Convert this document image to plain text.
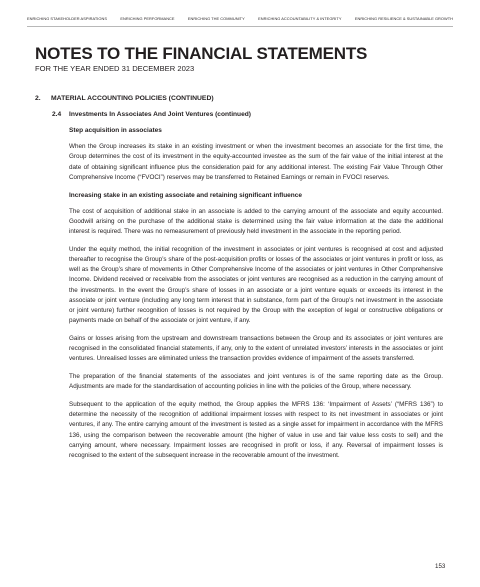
ENRICHING STAKEHOLDER ASPIRATIONS	ENRICHING PERFORMANCE	ENRICHING THE COMMUNITY	ENRICHING ACCOUNTABILITY & INTEGRITY	ENRICHING RESILIENCE & SUSTAINABLE GROWTH
NOTES TO THE FINANCIAL STATEMENTS
FOR THE YEAR ENDED 31 DECEMBER 2023
2. MATERIAL ACCOUNTING POLICIES (CONTINUED)
2.4 Investments In Associates And Joint Ventures (continued)
Step acquisition in associates

When the Group increases its stake in an existing investment or when the investment becomes an associate for the first time, the Group determines the cost of its investment in the equity-accounted investee as the sum of the fair value of the initial interest at the date of obtaining significant influence plus the consideration paid for any additional interest. The existing Fair Value Through Other Comprehensive Income (“FVOCI”) reserves may be transferred to Retained Earnings or remain in FVOCI reserves.

Increasing stake in an existing associate and retaining significant influence

The cost of acquisition of additional stake in an associate is added to the carrying amount of the associate and equity accounted. Goodwill arising on the purchase of the additional stake is determined using the fair value information at the date the additional interest is required. There was no remeasurement of previously held investment in the associate in the reporting period.

Under the equity method, the initial recognition of the investment in associates or joint ventures is recognised at cost and adjusted thereafter to recognise the Group’s share of the post-acquisition profits or losses of the associates or joint ventures in profit or loss, as well as the Group’s share of movements in Other Comprehensive Income of the associates or joint ventures in Other Comprehensive Income. Dividend received or receivable from the associates or joint ventures are recognised as a reduction in the carrying amount of the investments. In the event the Group’s share of losses in an associate or a joint venture equals or exceeds its interest in the associate or joint venture (including any long term interest that in substance, form part of the Group’s net investment in the associate or joint venture) further recognition of losses is not required by the Group with the exception of legal or constructive obligations or payments made on behalf of the associate or joint venture, if any.

Gains or losses arising from the upstream and downstream transactions between the Group and its associates or joint ventures are recognised in the consolidated financial statements, if any, only to the extent of unrelated investors’ interests in the associates or joint ventures. Unrealised losses are eliminated unless the transaction provides evidence of impairment of the assets transferred.

The preparation of the financial statements of the associates and joint ventures is of the same reporting date as the Group. Adjustments are made for the standardisation of accounting policies in line with the policies of the Group, where necessary.

Subsequent to the application of the equity method, the Group applies the MFRS 136: ‘Impairment of Assets’ (“MFRS 136”) to determine the necessity of the recognition of additional impairment losses with respect to its net investment in associates or joint ventures, if any. The entire carrying amount of the investment is tested as a single asset for impairment in accordance with the MFRS 136, using the comparison between the recoverable amount (the higher of value in use and fair value less costs to sell) and the carrying amount, where necessary. Impairment losses are recognised in profit or loss, if any. Reversal of impairment losses is recognised to the extent of the subsequent increase in the recoverable amount of the investment.

153
